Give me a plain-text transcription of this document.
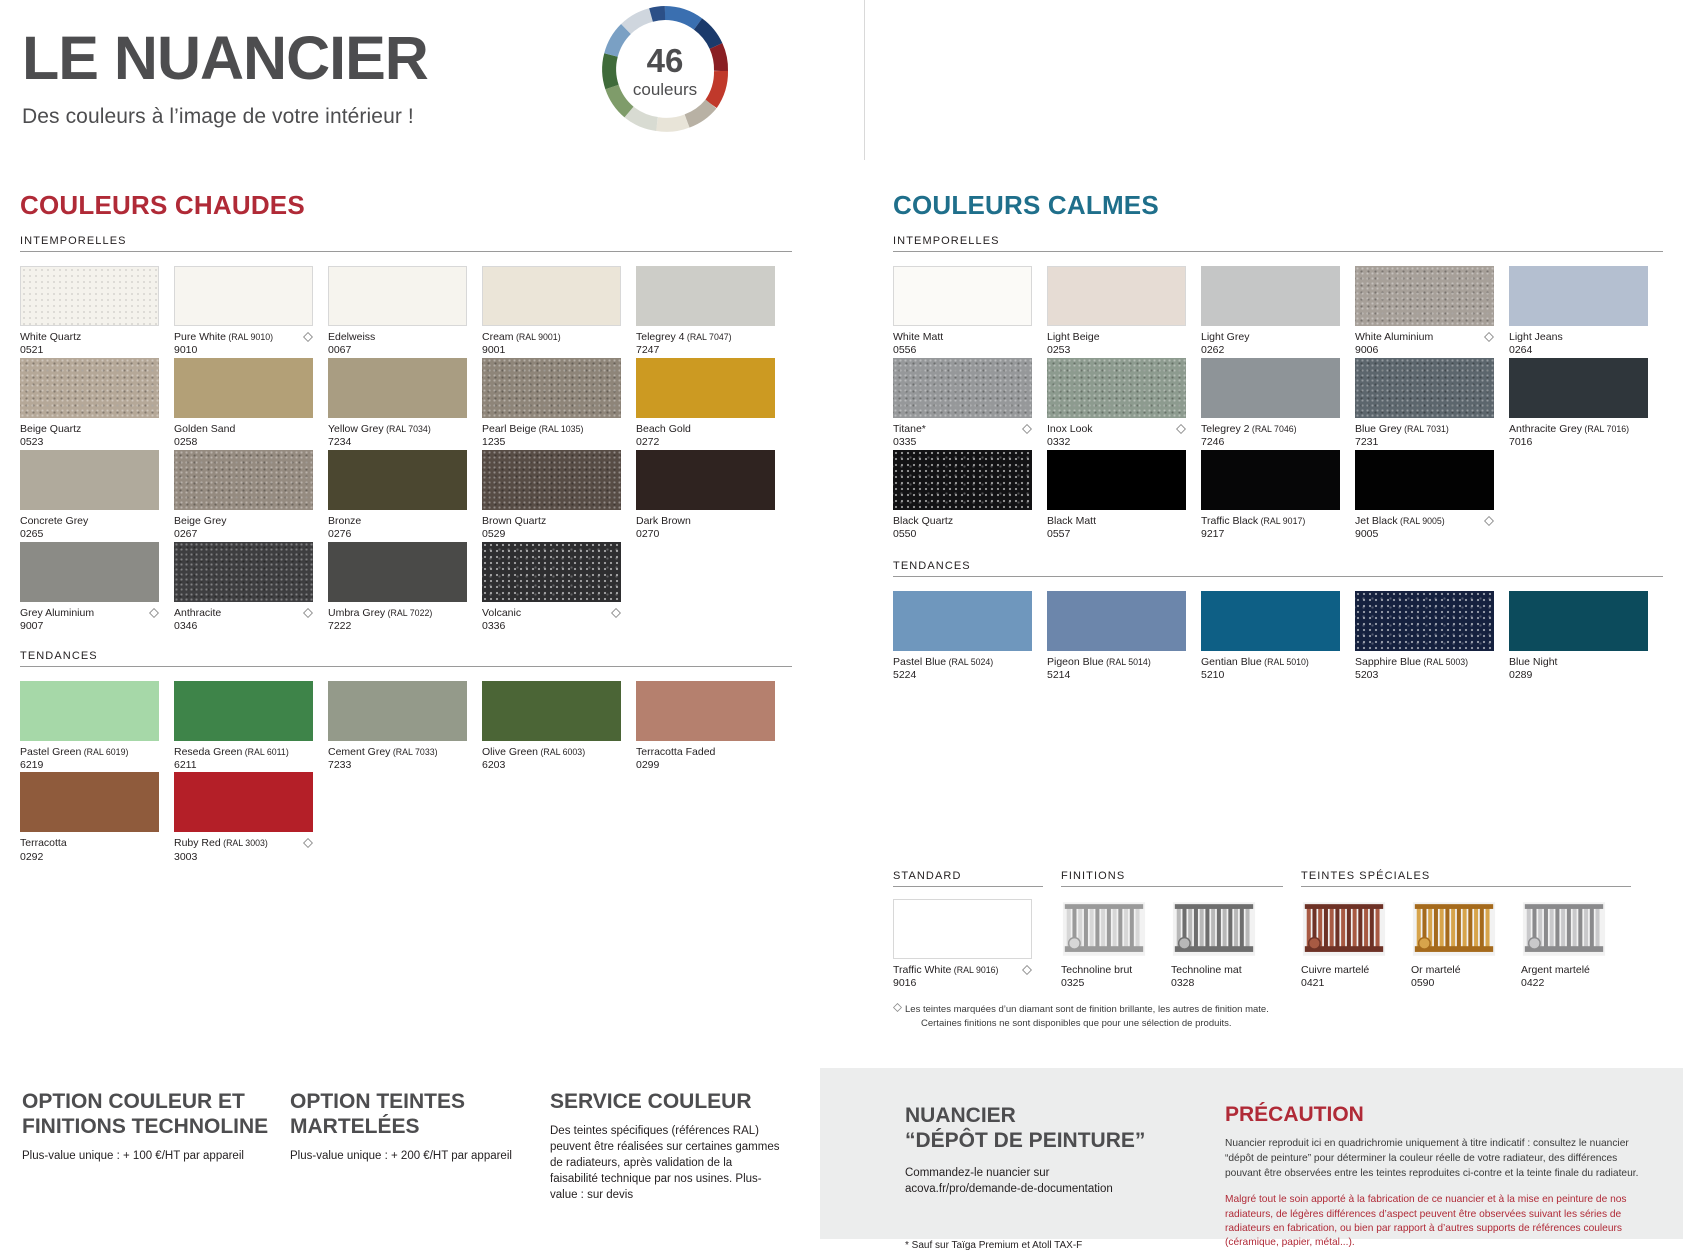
LE NUANCIER
Des couleurs à l’image de votre intérieur !
46
couleurs
COULEURS CHAUDES
INTEMPORELLES
White Quartz
0521
Pure White (RAL 9010)
9010
Edelweiss
0067
Cream (RAL 9001)
9001
Telegrey 4 (RAL 7047)
7247
Beige Quartz
0523
Golden Sand
0258
Yellow Grey (RAL 7034)
7234
Pearl Beige (RAL 1035)
1235
Beach Gold
0272
Concrete Grey
0265
Beige Grey
0267
Bronze
0276
Brown Quartz
0529
Dark Brown
0270
Grey Aluminium
9007
Anthracite
0346
Umbra Grey (RAL 7022)
7222
Volcanic
0336
TENDANCES
Pastel Green (RAL 6019)
6219
Reseda Green (RAL 6011)
6211
Cement Grey (RAL 7033)
7233
Olive Green (RAL 6003)
6203
Terracotta Faded
0299
Terracotta
0292
Ruby Red (RAL 3003)
3003
COULEURS CALMES
INTEMPORELLES
White Matt
0556
Light Beige
0253
Light Grey
0262
White Aluminium
9006
Light Jeans
0264
Titane*
0335
Inox Look
0332
Telegrey 2 (RAL 7046)
7246
Blue Grey (RAL 7031)
7231
Anthracite Grey (RAL 7016)
7016
Black Quartz
0550
Black Matt
0557
Traffic Black (RAL 9017)
9217
Jet Black (RAL 9005)
9005
TENDANCES
Pastel Blue (RAL 5024)
5224
Pigeon Blue (RAL 5014)
5214
Gentian Blue (RAL 5010)
5210
Sapphire Blue (RAL 5003)
5203
Blue Night
0289
STANDARD
Traffic White (RAL 9016)
9016
FINITIONS
Technoline brut
0325
Technoline mat
0328
TEINTES SPÉCIALES
Cuivre martelé
0421
Or martelé
0590
Argent martelé
0422
Les teintes marquées d’un diamant sont de finition brillante, les autres de finition mate.
Certaines finitions ne sont disponibles que pour une sélection de produits.
OPTION COULEUR ET
FINITIONS TECHNOLINE
Plus-value unique : + 100 €/HT par appareil
OPTION TEINTES
MARTELÉES
Plus-value unique : + 200 €/HT par appareil
SERVICE COULEUR
Des teintes spécifiques (références RAL) peuvent être réalisées sur certaines gammes de radiateurs, après validation de la faisabilité technique par nos usines. Plus-value : sur devis
NUANCIER
“DÉPÔT DE PEINTURE”
Commandez-le nuancier sur
acova.fr/pro/demande-de-documentation
* Sauf sur Taïga Premium et Atoll TAX-F
PRÉCAUTION
Nuancier reproduit ici en quadrichromie uniquement à titre indicatif : consultez le nuancier “dépôt de peinture” pour déterminer la couleur réelle de votre radiateur, des différences pouvant être observées entre les teintes reproduites ci-contre et la teinte finale du radiateur.
Malgré tout le soin apporté à la fabrication de ce nuancier et à la mise en peinture de nos radiateurs, de légères différences d’aspect peuvent être observées suivant les séries de radiateurs en fabrication, ou bien par rapport à d’autres supports de références couleurs (céramique, papier, métal...).
